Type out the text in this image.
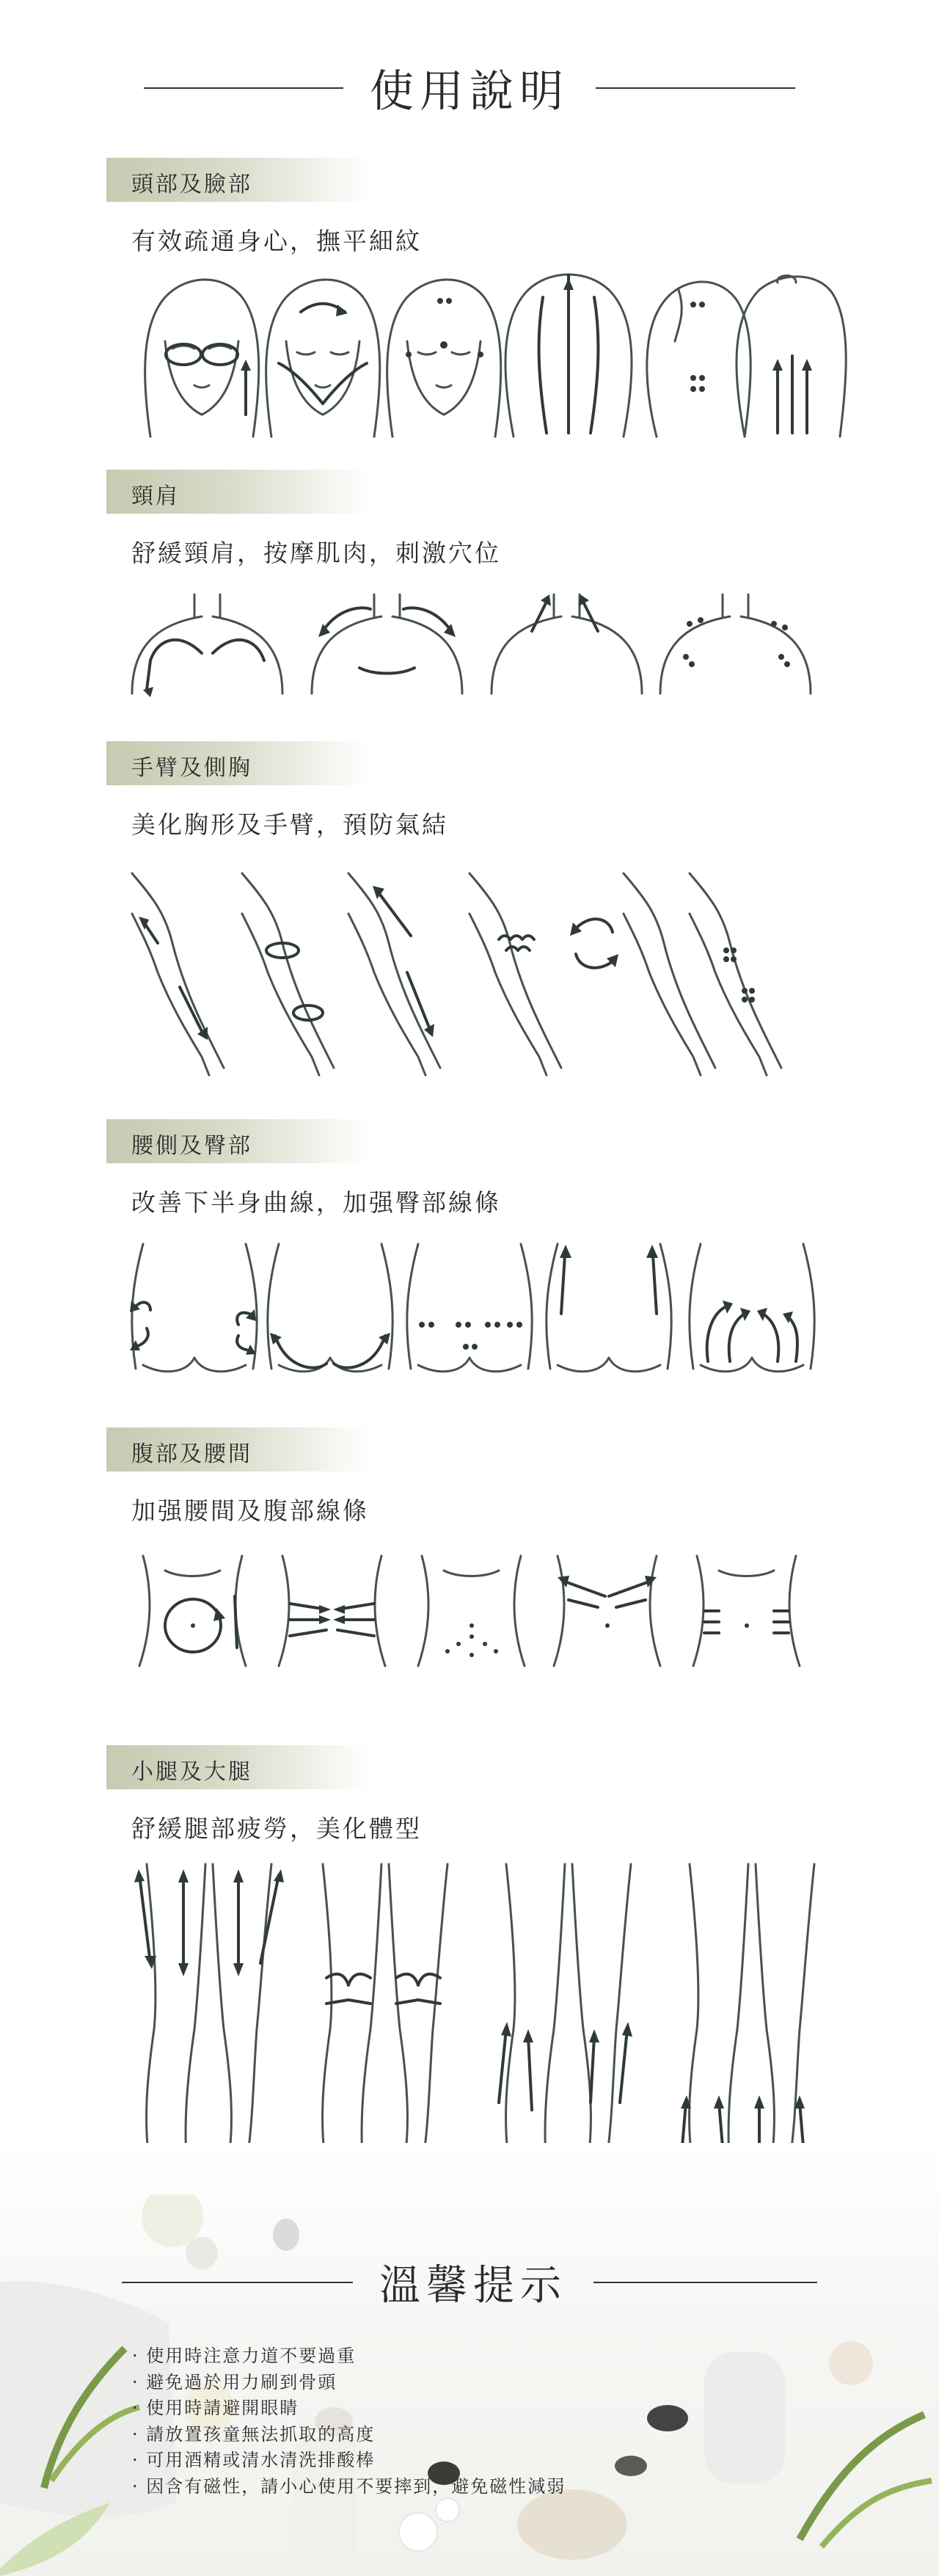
使用說明
頭部及臉部
有效疏通身心，撫平細紋
頸肩
舒緩頸肩，按摩肌肉，刺激穴位
手臂及側胸
美化胸形及手臂，預防氣結
腰側及臀部
改善下半身曲線，加强臀部線條
腹部及腰間
加强腰間及腹部線條
小腿及大腿
舒緩腿部疲勞，美化體型
溫馨提示
· 使用時注意力道不要過重
· 避免過於用力刷到骨頭
· 使用時請避開眼睛
· 請放置孩童無法抓取的高度
· 可用酒精或清水清洗排酸棒
· 因含有磁性，請小心使用不要摔到，避免磁性減弱
